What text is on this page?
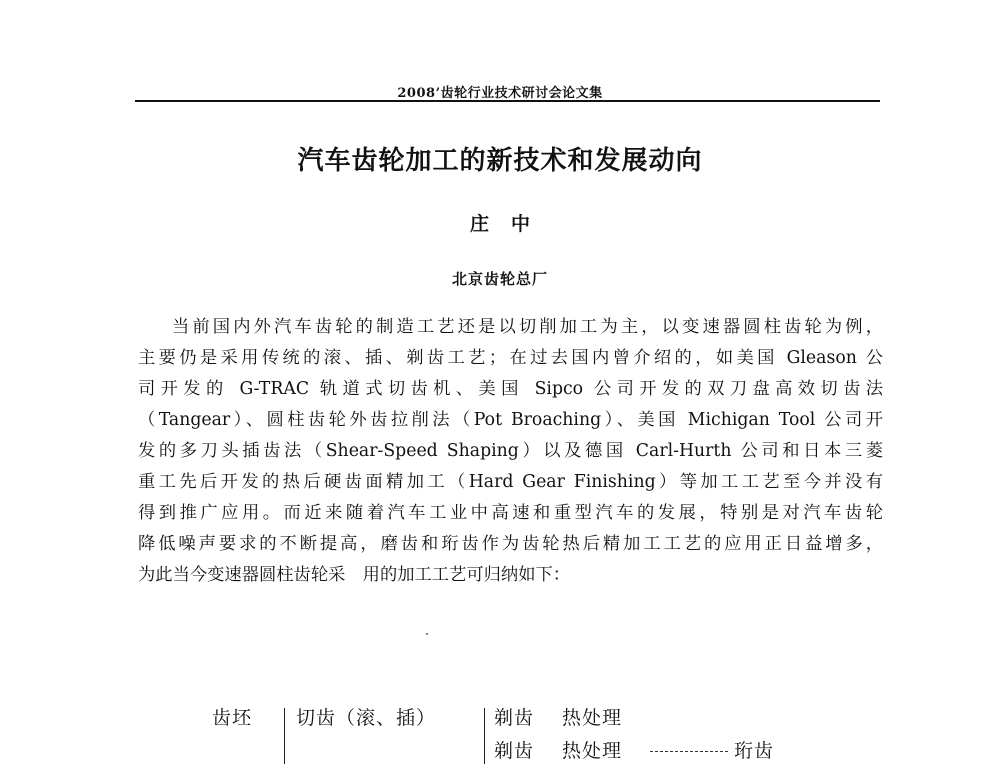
2008’齿轮行业技术研讨会论文集
汽车齿轮加工的新技术和发展动向
庄中
北京齿轮总厂
当前国内外汽车齿轮的制造工艺还是以切削加工为主，以变速器圆柱齿轮为例，
主要仍是采用传统的滚、插、剃齿工艺；在过去国内曾介绍的，如美国 Gleason 公
司开发的 G-TRAC 轨道式切齿机、美国 Sipco 公司开发的双刀盘高效切齿法
（Tangear）、圆柱齿轮外齿拉削法（Pot Broaching）、美国 Michigan Tool 公司开
发的多刀头插齿法（Shear-Speed Shaping）以及德国 Carl-Hurth 公司和日本三菱
重工先后开发的热后硬齿面精加工（Hard Gear Finishing）等加工工艺至今并没有
得到推广应用。而近来随着汽车工业中高速和重型汽车的发展，特别是对汽车齿轮
降低噪声要求的不断提高，磨齿和珩齿作为齿轮热后精加工工艺的应用正日益增多，
为此当今变速器圆柱齿轮采　用的加工工艺可归纳如下：
齿坯 切齿（滚、插）	剃齿 热处理
剃齿 热处理	珩齿
